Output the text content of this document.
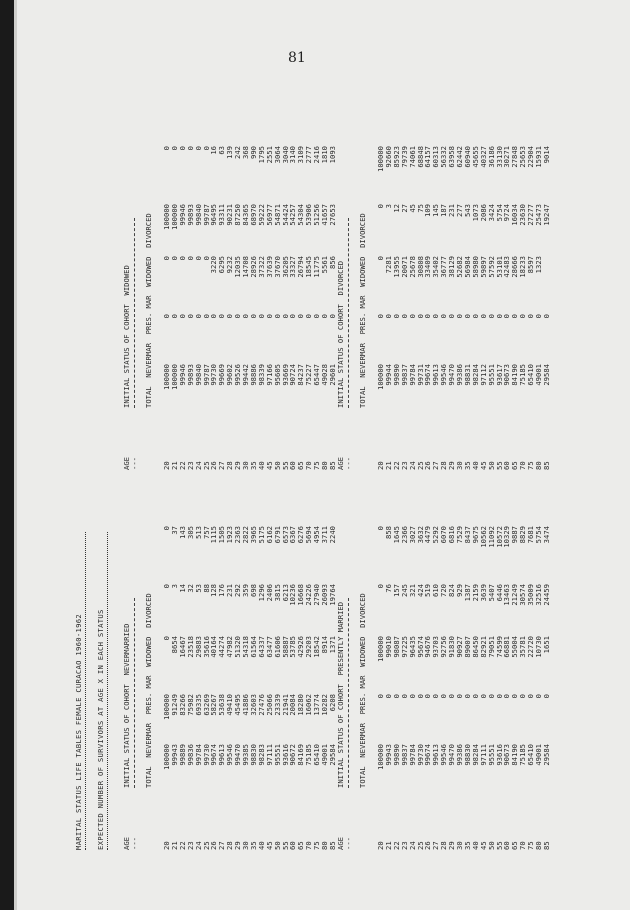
81
MARITAL STATUS LIFE TABLES FEMALE CURACAO 1960-1962 EXPECTED NUMBER OF SURVIVORS AT AGE X IN EACH STATUS AGE ---
INITIAL STATUS OF COHORT  NEVERMARRIED TOTAL  NEVERMAR  PRES. MAR  WIDOWED  DIVORCED
20
100000
100000
0
0
0
21
99943
91249
8654
3
37
22
99889
83266
16467
14
143
23
99836
75982
23518
32
305
24
99784
69335
29883
53
513
25
99730
63269
35616
88
757
26
99674
58267
40164
128
1115
27
99613
53638
44274
176
1505
28
99546
49410
47982
231
1923
29
99470
45495
51320
292
2363
30
99385
41886
54318
359
2822
35
98830
32603
61564
698
3965
40
98283
27476
64337
1296
5175
45
97111
25066
63477
2406
6162
50
95551
23339
61606
3815
6791
55
93616
21941
58887
6213
6573
60
90672
20084
53785
10236
6367
65
84169
18280
42926
16668
6276
70
75185
16062
29203
24226
5694
75
65410
13774
18542
27940
4954
80
49001
10282
8914
26093
3711
85
29584
6208
1371
19764
2240
AGE ---
INITIAL STATUS OF COHORT  PRESENTLY MARRIED TOTAL  NEVERMAR  PRES. MAR  WIDOWED  DIVORCED
20
100000
0
100000
0
0
21
99943
0
99010
76
858
22
99890
0
98087
157
1645
23
99837
0
97225
245
2366
24
99784
0
96435
321
3027
25
99730
0
95674
424
3632
26
99674
0
94676
519
4479
27
99613
0
93703
610
5292
28
99546
0
92756
720
6070
29
99470
0
91830
824
6816
30
99386
0
90927
929
7529
35
98830
0
89007
1387
8437
40
98284
0
86450
2159
9675
45
97111
0
82921
3639
10562
50
95551
0
79051
5407
11092
55
93616
0
74599
6446
10572
60
90673
0
66881
13463
10329
65
84190
0
55004
21249
9887
70
75185
0
35781
30574
8829
75
65410
0
22720
35009
7681
80
49001
0
10730
32516
5754
85
29584
0
1651
24459
3474
AGE ---
INITIAL STATUS OF COHORT  WIDOWED TOTAL  NEVERMAR  PRES. MAR  WIDOWED  DIVORCED
20
100000
0
0
100000
0
21
100000
0
0
100000
0
22
99946
0
0
99946
0
23
99893
0
0
99893
0
24
99840
0
0
99840
0
25
99787
0
0
99787
0
26
99730
0
3220
96495
16
27
99669
0
6295
93311
63
28
99602
0
9232
90231
139
29
99526
0
12035
87250
242
30
99442
0
14708
84365
368
35
98886
0
28926
68970
990
40
98339
0
37322
59222
1795
45
97166
0
37639
56977
2551
50
95605
0
37670
54871
3064
55
93669
0
36205
54424
3040
60
90724
0
33327
54257
3140
65
84237
0
26794
54304
3109
70
75227
0
18545
53906
2777
75
65447
0
11775
51256
2416
80
49028
0
5561
41657
1810
85
29601
0
856
27653
1093
AGE ---
INITIAL STATUS OF COHORT  DIVORCED TOTAL  NEVERMAR  PRES. MAR  WIDOWED  DIVORCED
20
100000
0
0
0
100000
21
99944
0
7281
3
92660
22
99890
0
13955
12
85923
23
99837
0
20071
27
79739
24
99784
0
25678
45
74061
25
99731
0
30808
75
68848
26
99674
0
33409
109
64157
27
99613
0
35402
145
60313
28
99546
0
36777
187
56332
29
99470
0
38129
231
63958
30
99386
0
52682
277
62442
35
98831
0
56984
543
60940
40
98284
0
58980
1073
45655
45
97112
0
59897
2086
40327
50
95551
0
57592
3424
36186
55
93617
0
53101
5754
33130
60
90673
0
42483
9724
30271
65
84190
0
28666
16034
27848
70
75185
0
18233
23630
25653
75
65410
0
8597
27277
22904
80
49001
0
1323
25473
15931
85
29584
0

19247
9014
